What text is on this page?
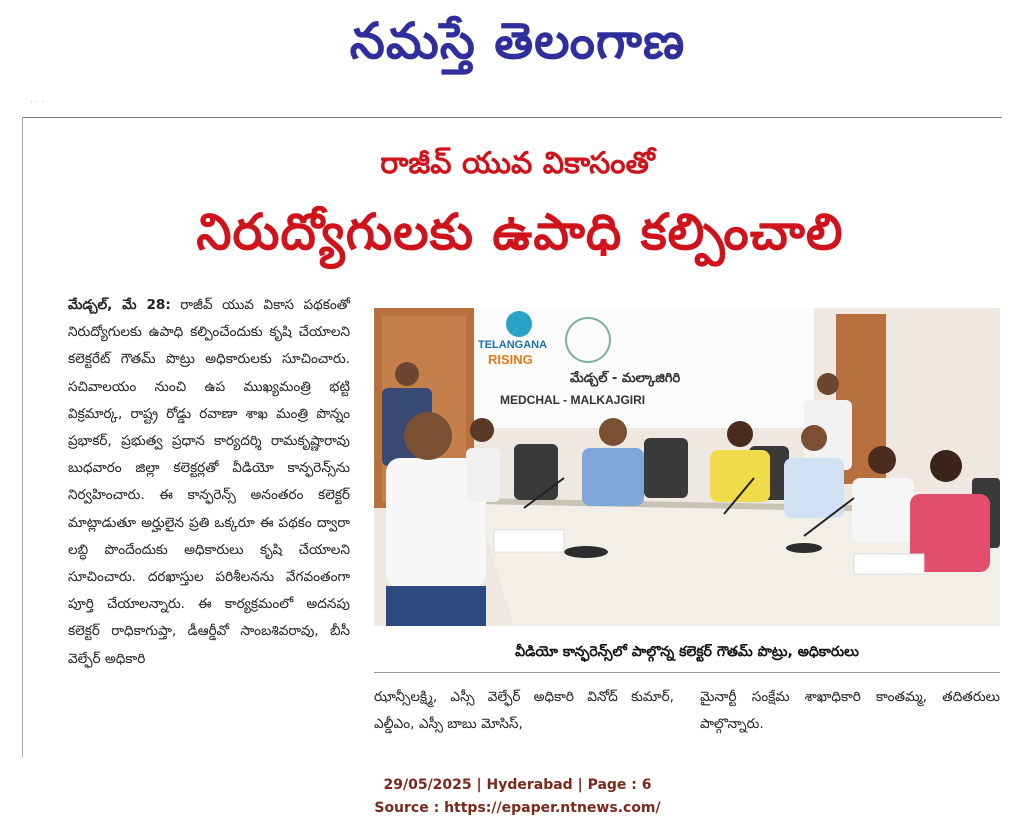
నమస్తే తెలంగాణ
· · ·
రాజీవ్ యువ వికాసంతో
నిరుద్యోగులకు ఉపాధి కల్పించాలి
మేడ్చల్, మే 28: రాజీవ్ యువ వికాస పథకంతో నిరుద్యోగులకు ఉపాధి కల్పించేందుకు కృషి చేయాలని కలెక్టరేట్ గౌతమ్ పొట్రు అధికారులకు సూచించారు. సచివాలయం నుంచి ఉప ముఖ్యమంత్రి భట్టి విక్రమార్క, రాష్ట్ర రోడ్డు రవాణా శాఖ మంత్రి పొన్నం ప్రభాకర్, ప్రభుత్వ ప్రధాన కార్యదర్శి రామకృష్ణారావు బుధవారం జిల్లా కలెక్టర్లతో వీడియో కాన్ఫరెన్స్‌ను నిర్వహించారు. ఈ కాన్ఫరెన్స్ అనంతరం కలెక్టర్ మాట్లాడుతూ అర్హులైన ప్రతి ఒక్కరూ ఈ పథకం ద్వారా లబ్ధి పొందేందుకు అధికారులు కృషి చేయాలని సూచించారు. దరఖాస్తుల పరిశీలనను వేగవంతంగా పూర్తి చేయాలన్నారు. ఈ కార్యక్రమంలో అదనపు కలెక్టర్ రాధికాగుప్తా, డీఆర్డీవో సాంబశివరావు, బీసీ వెల్ఫేర్ అధికారి
TELANGANA
RISING
మేడ్చల్ - మల్కాజిగిరి
MEDCHAL - MALKAJGIRI
వీడియో కాన్ఫరెన్స్‌లో పాల్గొన్న కలెక్టర్ గౌతమ్ పొట్రు, అధికారులు
ఝాన్సీలక్ష్మి, ఎస్సీ వెల్ఫేర్ అధికారి వినోద్ కుమార్, ఎల్డీఎం, ఎస్సీ బాబు మోసిస్,
మైనార్టీ సంక్షేమ శాఖాధికారి కాంతమ్మ, తదితరులు పాల్గొన్నారు.
29/05/2025 | Hyderabad | Page : 6
Source : https://epaper.ntnews.com/
